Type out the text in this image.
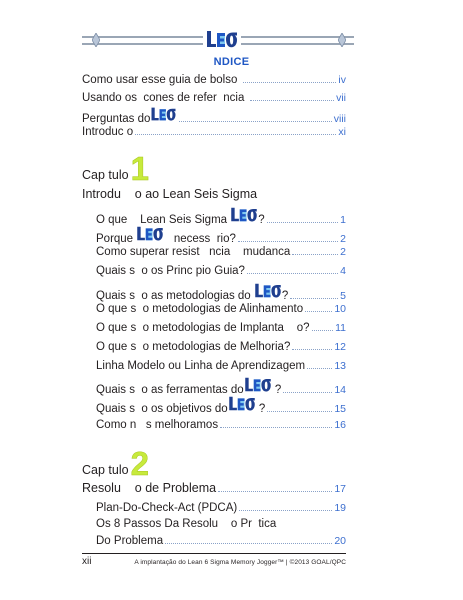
NDICE
Como usar esse guia de bolso	iv
Usando os  cones de refer  ncia	vii
Perguntas do	viii
Introduc o	xi
Cap tulo 1
Introdu    o ao Lean Seis Sigma
O que    Lean Seis Sigma ?	1
Porque necess  rio?	2
Como superar resist   ncia    mudanca	2
Quais s  o os Princ pio Guia?	4
Quais s  o as metodologias do ?	5
O que s  o metodologias de Alinhamento	10
O que s  o metodologias de Implanta    o? 11
O que s  o metodologias de Melhoria?	12
Linha Modelo ou Linha de Aprendizagem	13
Quais s  o as ferramentas do ?	14
Quais s  o os objetivos do ?	15
Como n   s melhoramos	16
Cap tulo 2
Resolu    o de Problema	17
Plan-Do-Check-Act (PDCA)	19
Os 8 Passos Da Resolu    o Pr  tica
Do Problema	20
xii	A implantação do Lean 6 Sigma Memory Jogger™ | ©2013 GOAL/QPC
